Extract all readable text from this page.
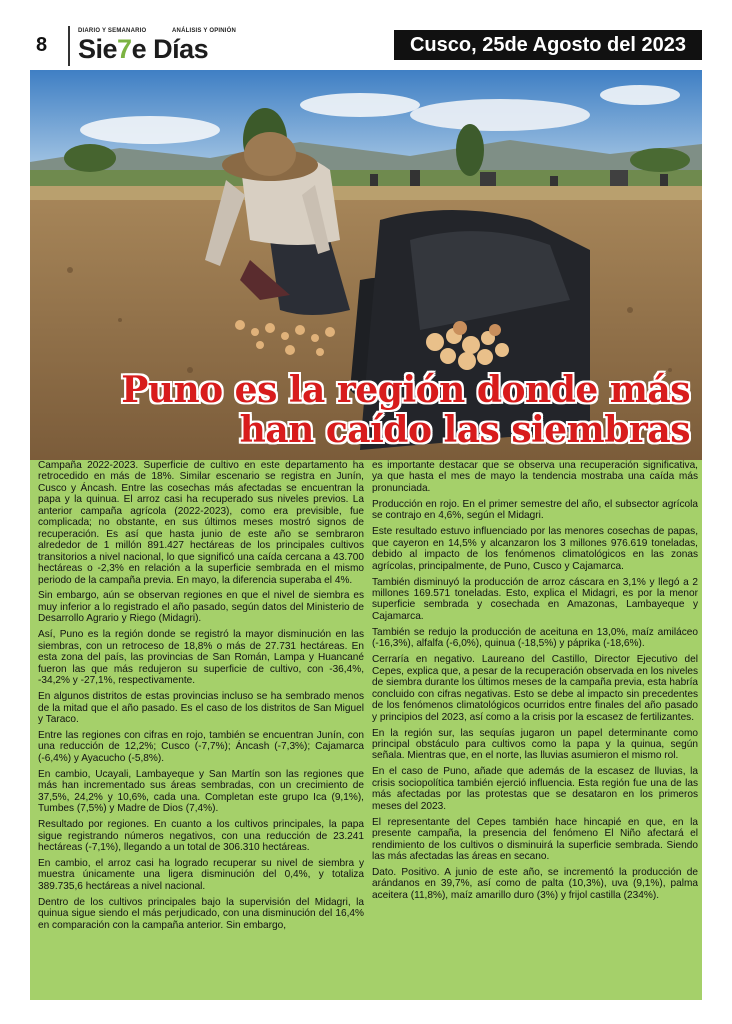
8
DIARIO Y SEMANARIO	ANÁLISIS Y OPINIÓN
Sie7e Días	Cusco, 25de Agosto del 2023
Puno es la región donde más
han caído las siembras

Campaña 2022-2023. Superficie de cultivo en este departamento ha retrocedido en más de 18%. Similar escenario se registra en Junín, Cusco y Áncash. Entre las cosechas más afectadas se encuentran la papa y la quinua. El arroz casi ha recuperado sus niveles previos. La anterior campaña agrícola (2022-2023), como era previsible, fue complicada; no obstante, en sus últimos meses mostró signos de recuperación. Es así que hasta junio de este año se sembraron alrededor de 1 millón 891.427 hectáreas de los principales cultivos transitorios a nivel nacional, lo que significó una caída cercana a 43.700 hectáreas o -2,3% en relación a la superficie sembrada en el mismo periodo de la campaña previa. En mayo, la diferencia superaba el 4%.

Sin embargo, aún se observan regiones en que el nivel de siembra es muy inferior a lo registrado el año pasado, según datos del Ministerio de Desarrollo Agrario y Riego (Midagri).

Así, Puno es la región donde se registró la mayor disminución en las siembras, con un retroceso de 18,8% o más de 27.731 hectáreas. En esta zona del país, las provincias de San Román, Lampa y Huancané fueron las que más redujeron su superficie de cultivo, con -36,4%, -34,2% y -27,1%, respectivamente.

En algunos distritos de estas provincias incluso se ha sembrado menos de la mitad que el año pasado. Es el caso de los distritos de San Miguel y Taraco.

Entre las regiones con cifras en rojo, también se encuentran Junín, con una reducción de 12,2%; Cusco (-7,7%); Áncash (-7,3%); Cajamarca (-6,4%) y Ayacucho (-5,8%).

En cambio, Ucayali, Lambayeque y San Martín son las regiones que más han incrementado sus áreas sembradas, con un crecimiento de 37,5%, 24,2% y 10,6%, cada una. Completan este grupo Ica (9,1%), Tumbes (7,5%) y Madre de Dios (7,4%).

Resultado por regiones. En cuanto a los cultivos principales, la papa sigue registrando números negativos, con una reducción de 23.241 hectáreas (-7,1%), llegando a un total de 306.310 hectáreas.

En cambio, el arroz casi ha logrado recuperar su nivel de siembra y muestra únicamente una ligera disminución del 0,4%, y totaliza 389.735,6 hectáreas a nivel nacional.

Dentro de los cultivos principales bajo la supervisión del Midagri, la quinua sigue siendo el más perjudicado, con una disminución del 16,4% en comparación con la campaña anterior. Sin embargo,

es importante destacar que se observa una recuperación significativa, ya que hasta el mes de mayo la tendencia mostraba una caída más pronunciada.

Producción en rojo. En el primer semestre del año, el subsector agrícola se contrajo en 4,6%, según el Midagri.

Este resultado estuvo influenciado por las menores cosechas de papas, que cayeron en 14,5% y alcanzaron los 3 millones 976.619 toneladas, debido al impacto de los fenómenos climatológicos en las zonas agrícolas, principalmente, de Puno, Cusco y Cajamarca.

También disminuyó la producción de arroz cáscara en 3,1% y llegó a 2 millones 169.571 toneladas. Esto, explica el Midagri, es por la menor superficie sembrada y cosechada en Amazonas, Lambayeque y Cajamarca.

También se redujo la producción de aceituna en 13,0%, maíz amiláceo (-16,3%), alfalfa (-6,0%), quinua (-18,5%) y páprika (-18,6%).

Cerraría en negativo. Laureano del Castillo, Director Ejecutivo del Cepes, explica que, a pesar de la recuperación observada en los niveles de siembra durante los últimos meses de la campaña previa, esta habría concluido con cifras negativas. Esto se debe al impacto sin precedentes de los fenómenos climatológicos ocurridos entre finales del año pasado y principios del 2023, así como a la crisis por la escasez de fertilizantes.

En la región sur, las sequías jugaron un papel determinante como principal obstáculo para cultivos como la papa y la quinua, según señala. Mientras que, en el norte, las lluvias asumieron el mismo rol.

En el caso de Puno, añade que además de la escasez de lluvias, la crisis sociopolítica también ejerció influencia. Esta región fue una de las más afectadas por las protestas que se desataron en los primeros meses del 2023.

El representante del Cepes también hace hincapié en que, en la presente campaña, la presencia del fenómeno El Niño afectará el rendimiento de los cultivos o disminuirá la superficie sembrada. Siendo las más afectadas las áreas en secano.

Dato. Positivo. A junio de este año, se incrementó la producción de arándanos en 39,7%, así como de palta (10,3%), uva (9,1%), palma aceitera (11,8%), maíz amarillo duro (3%) y frijol castilla (234%).
